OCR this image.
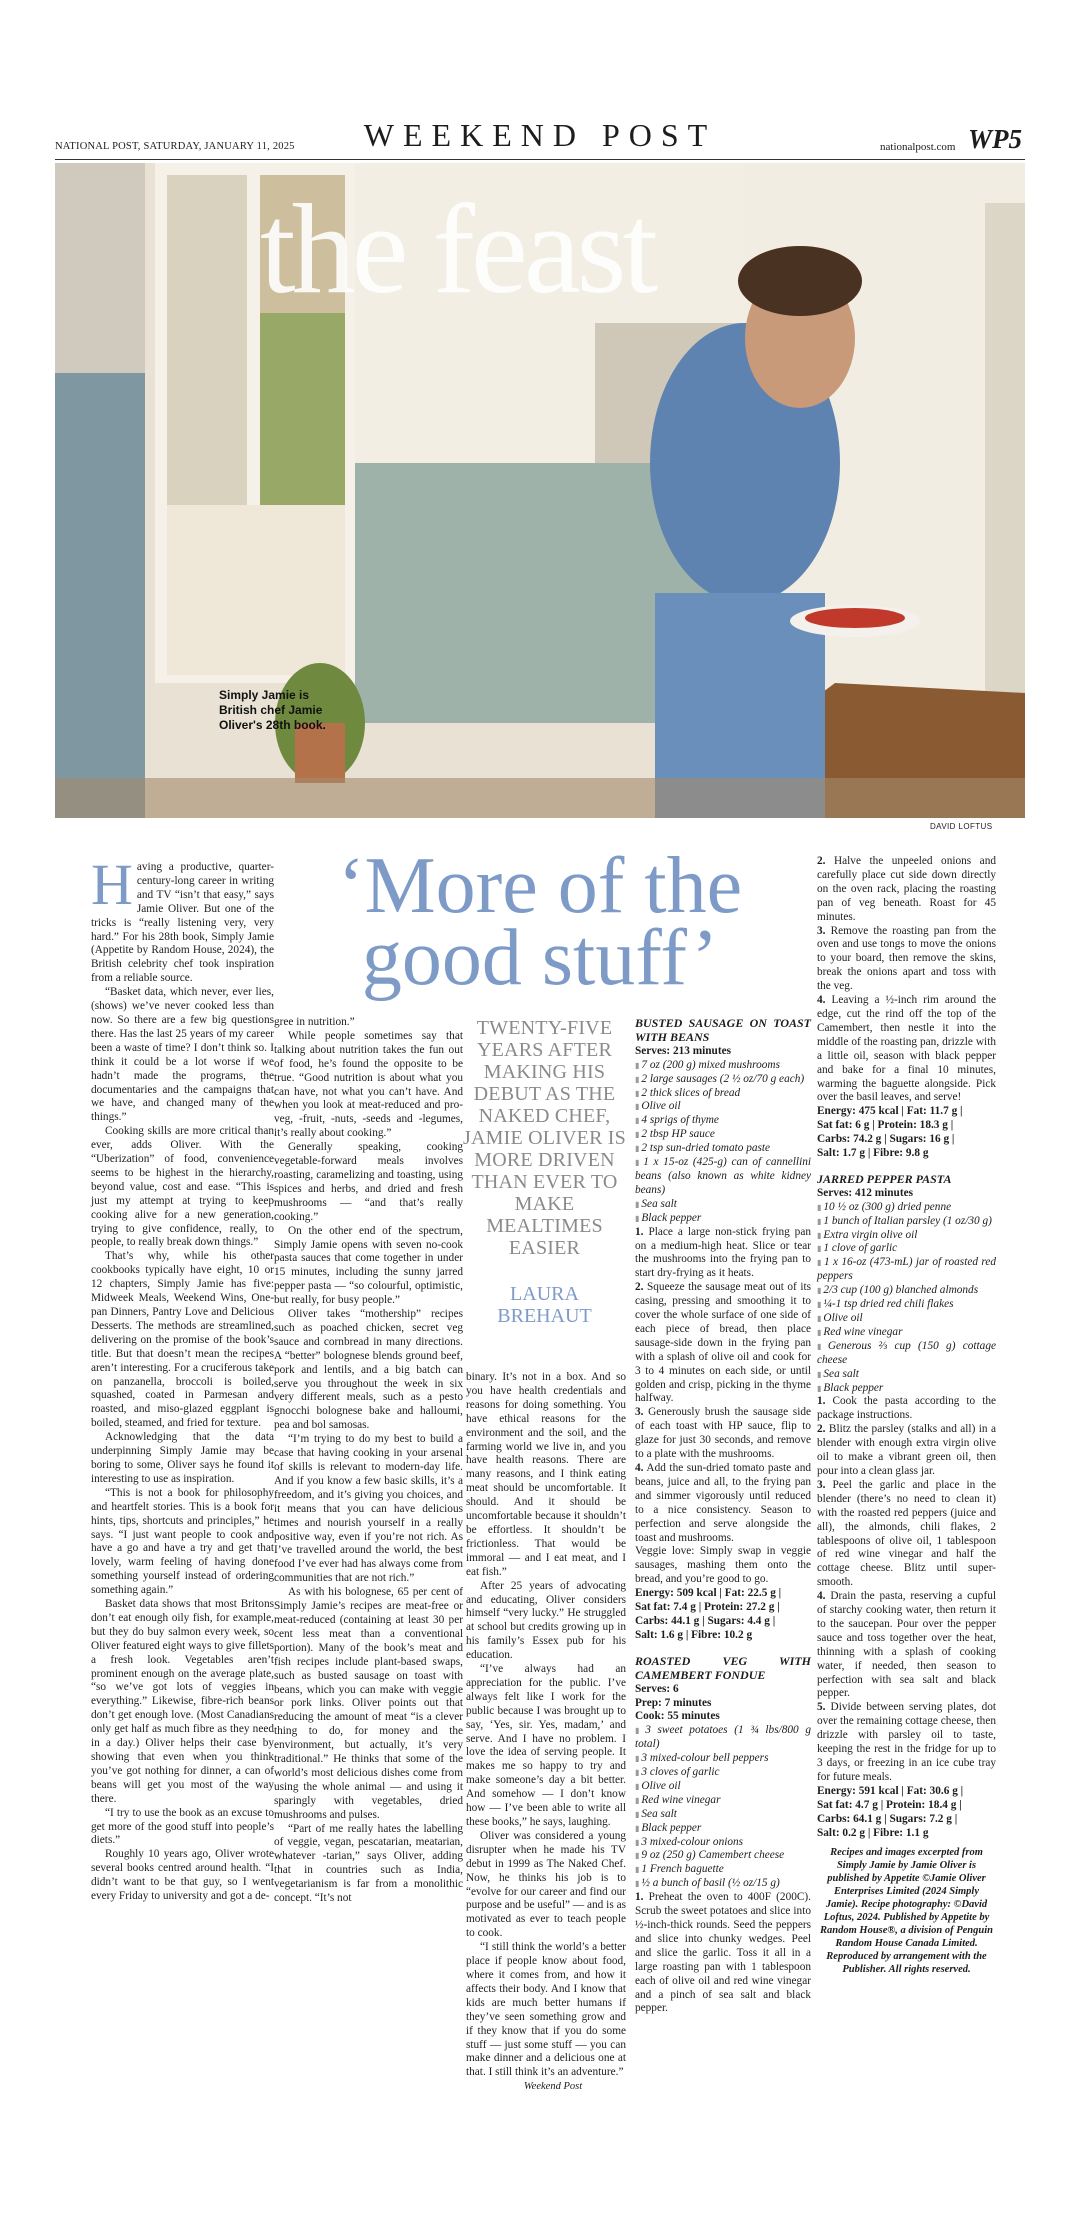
NATIONAL POST, SATURDAY, JANUARY 11, 2025	WEEKEND POST	nationalpost.com WP5
the feast
Simply Jamie is British chef Jamie Oliver's 28th book.
DAVID LOFTUS
‘More of the good stuff’
TWENTY-FIVE YEARS AFTER MAKING HIS DEBUT AS THE NAKED CHEF, JAMIE OLIVER IS MORE DRIVEN THAN EVER TO MAKE MEALTIMES EASIER
LAURA BREHAUT

Having a productive, quarter-century-long career in writing and TV “isn’t that easy,” says Jamie Oliver. But one of the tricks is “really listening very, very hard.” For his 28th book, Simply Jamie (Appetite by Random House, 2024), the British celebrity chef took inspiration from a reliable source.

“Basket data, which never, ever lies, (shows) we’ve never cooked less than now. So there are a few big questions there. Has the last 25 years of my career been a waste of time? I don’t think so. I think it could be a lot worse if we hadn’t made the programs, the documentaries and the campaigns that we have, and changed many of the things.”

Cooking skills are more critical than ever, adds Oliver. With the “Uberization” of food, convenience seems to be highest in the hierarchy, beyond value, cost and ease. “This is just my attempt at trying to keep cooking alive for a new generation, trying to give confidence, really, to people, to really break down things.”

That’s why, while his other cookbooks typically have eight, 10 or 12 chapters, Simply Jamie has five: Midweek Meals, Weekend Wins, One-pan Dinners, Pantry Love and Delicious Desserts. The methods are streamlined, delivering on the promise of the book’s title. But that doesn’t mean the recipes aren’t interesting. For a cruciferous take on panzanella, broccoli is boiled, squashed, coated in Parmesan and roasted, and miso-glazed eggplant is boiled, steamed, and fried for texture.

Acknowledging that the data underpinning Simply Jamie may be boring to some, Oliver says he found it interesting to use as inspiration.

“This is not a book for philosophy and heartfelt stories. This is a book for hints, tips, shortcuts and principles,” he says. “I just want people to cook and have a go and have a try and get that lovely, warm feeling of having done something yourself instead of ordering something again.”

Basket data shows that most Britons don’t eat enough oily fish, for example, but they do buy salmon every week, so Oliver featured eight ways to give fillets a fresh look. Vegetables aren’t prominent enough on the average plate, “so we’ve got lots of veggies in everything.” Likewise, fibre-rich beans don’t get enough love. (Most Canadians only get half as much fibre as they need in a day.) Oliver helps their case by showing that even when you think you’ve got nothing for dinner, a can of beans will get you most of the way there.

“I try to use the book as an excuse to get more of the good stuff into people’s diets.”

Roughly 10 years ago, Oliver wrote several books centred around health. “I didn’t want to be that guy, so I went every Friday to university and got a de-

gree in nutrition.”

While people sometimes say that talking about nutrition takes the fun out of food, he’s found the opposite to be true. “Good nutrition is about what you can have, not what you can’t have. And when you look at meat-reduced and pro-veg, -fruit, -nuts, -seeds and -legumes, it’s really about cooking.”

Generally speaking, cooking vegetable-forward meals involves roasting, caramelizing and toasting, using spices and herbs, and dried and fresh mushrooms — “and that’s really cooking.”

On the other end of the spectrum, Simply Jamie opens with seven no-cook pasta sauces that come together in under 15 minutes, including the sunny jarred pepper pasta — “so colourful, optimistic, but really, for busy people.”

Oliver takes “mothership” recipes such as poached chicken, secret veg sauce and cornbread in many directions. A “better” bolognese blends ground beef, pork and lentils, and a big batch can serve you throughout the week in six very different meals, such as a pesto gnocchi bolognese bake and halloumi, pea and bol samosas.

“I’m trying to do my best to build a case that having cooking in your arsenal of skills is relevant to modern-day life. And if you know a few basic skills, it’s a freedom, and it’s giving you choices, and it means that you can have delicious times and nourish yourself in a really positive way, even if you’re not rich. As I’ve travelled around the world, the best food I’ve ever had has always come from communities that are not rich.”

As with his bolognese, 65 per cent of Simply Jamie’s recipes are meat-free or meat-reduced (containing at least 30 per cent less meat than a conventional portion). Many of the book’s meat and fish recipes include plant-based swaps, such as busted sausage on toast with beans, which you can make with veggie or pork links. Oliver points out that reducing the amount of meat “is a clever thing to do, for money and the environment, but actually, it’s very traditional.” He thinks that some of the world’s most delicious dishes come from using the whole animal — and using it sparingly with vegetables, dried mushrooms and pulses.

“Part of me really hates the labelling of veggie, vegan, pescatarian, meatarian, whatever -tarian,” says Oliver, adding that in countries such as India, vegetarianism is far from a monolithic concept. “It’s not

binary. It’s not in a box. And so you have health credentials and reasons for doing something. You have ethical reasons for the environment and the soil, and the farming world we live in, and you have health reasons. There are many reasons, and I think eating meat should be uncomfortable. It should. And it should be uncomfortable because it shouldn’t be effortless. It shouldn’t be frictionless. That would be immoral — and I eat meat, and I eat fish.”

After 25 years of advocating and educating, Oliver considers himself “very lucky.” He struggled at school but credits growing up in his family’s Essex pub for his education.

“I’ve always had an appreciation for the public. I’ve always felt like I work for the public because I was brought up to say, ‘Yes, sir. Yes, madam,’ and serve. And I have no problem. I love the idea of serving people. It makes me so happy to try and make someone’s day a bit better. And somehow — I don’t know how — I’ve been able to write all these books,” he says, laughing.

Oliver was considered a young disrupter when he made his TV debut in 1999 as The Naked Chef. Now, he thinks his job is to “evolve for our career and find our purpose and be useful” — and is as motivated as ever to teach people to cook.

“I still think the world’s a better place if people know about food, where it comes from, and how it affects their body. And I know that kids are much better humans if they’ve seen something grow and if they know that if you do some stuff — just some stuff — you can make dinner and a delicious one at that. I still think it’s an adventure.”

Weekend Post

BUSTED SAUSAGE ON TOAST WITH BEANS

Serves: 213 minutes

▮ 7 oz (200 g) mixed mushrooms

▮ 2 large sausages (2 ½ oz/70 g each)

▮ 2 thick slices of bread

▮ Olive oil

▮ 4 sprigs of thyme

▮ 2 tbsp HP sauce

▮ 2 tsp sun-dried tomato paste

▮ 1 x 15-oz (425-g) can of cannellini beans (also known as white kidney beans)

▮ Sea salt

▮ Black pepper

1. Place a large non-stick frying pan on a medium-high heat. Slice or tear the mushrooms into the frying pan to start dry-frying as it heats.

2. Squeeze the sausage meat out of its casing, pressing and smoothing it to cover the whole surface of one side of each piece of bread, then place sausage-side down in the frying pan with a splash of olive oil and cook for 3 to 4 minutes on each side, or until golden and crisp, picking in the thyme halfway.

3. Generously brush the sausage side of each toast with HP sauce, flip to glaze for just 30 seconds, and remove to a plate with the mushrooms.

4. Add the sun-dried tomato paste and beans, juice and all, to the frying pan and simmer vigorously until reduced to a nice consistency. Season to perfection and serve alongside the toast and mushrooms.

Veggie love: Simply swap in veggie sausages, mashing them onto the bread, and you’re good to go.

Energy: 509 kcal | Fat: 22.5 g |

Sat fat: 7.4 g | Protein: 27.2 g |

Carbs: 44.1 g | Sugars: 4.4 g |

Salt: 1.6 g | Fibre: 10.2 g

ROASTED VEG WITH CAMEMBERT FONDUE

Serves: 6

Prep: 7 minutes

Cook: 55 minutes

▮ 3 sweet potatoes (1 ¾ lbs/800 g total)

▮ 3 mixed-colour bell peppers

▮ 3 cloves of garlic

▮ Olive oil

▮ Red wine vinegar

▮ Sea salt

▮ Black pepper

▮ 3 mixed-colour onions

▮ 9 oz (250 g) Camembert cheese

▮ 1 French baguette

▮ ½ a bunch of basil (½ oz/15 g)

1. Preheat the oven to 400F (200C). Scrub the sweet potatoes and slice into ½-inch-thick rounds. Seed the peppers and slice into chunky wedges. Peel and slice the garlic. Toss it all in a large roasting pan with 1 tablespoon each of olive oil and red wine vinegar and a pinch of sea salt and black pepper.

2. Halve the unpeeled onions and carefully place cut side down directly on the oven rack, placing the roasting pan of veg beneath. Roast for 45 minutes.

3. Remove the roasting pan from the oven and use tongs to move the onions to your board, then remove the skins, break the onions apart and toss with the veg.

4. Leaving a ½-inch rim around the edge, cut the rind off the top of the Camembert, then nestle it into the middle of the roasting pan, drizzle with a little oil, season with black pepper and bake for a final 10 minutes, warming the baguette alongside. Pick over the basil leaves, and serve!

Energy: 475 kcal | Fat: 11.7 g |

Sat fat: 6 g | Protein: 18.3 g |

Carbs: 74.2 g | Sugars: 16 g |

Salt: 1.7 g | Fibre: 9.8 g

JARRED PEPPER PASTA

Serves: 412 minutes

▮ 10 ½ oz (300 g) dried penne

▮ 1 bunch of Italian parsley (1 oz/30 g)

▮ Extra virgin olive oil

▮ 1 clove of garlic

▮ 1 x 16-oz (473-mL) jar of roasted red peppers

▮ 2/3 cup (100 g) blanched almonds

▮ ¼-1 tsp dried red chili flakes

▮ Olive oil

▮ Red wine vinegar

▮ Generous ⅔ cup (150 g) cottage cheese

▮ Sea salt

▮ Black pepper

1. Cook the pasta according to the package instructions.

2. Blitz the parsley (stalks and all) in a blender with enough extra virgin olive oil to make a vibrant green oil, then pour into a clean glass jar.

3. Peel the garlic and place in the blender (there’s no need to clean it) with the roasted red peppers (juice and all), the almonds, chili flakes, 2 tablespoons of olive oil, 1 tablespoon of red wine vinegar and half the cottage cheese. Blitz until super-smooth.

4. Drain the pasta, reserving a cupful of starchy cooking water, then return it to the saucepan. Pour over the pepper sauce and toss together over the heat, thinning with a splash of cooking water, if needed, then season to perfection with sea salt and black pepper.

5. Divide between serving plates, dot over the remaining cottage cheese, then drizzle with parsley oil to taste, keeping the rest in the fridge for up to 3 days, or freezing in an ice cube tray for future meals.

Energy: 591 kcal | Fat: 30.6 g |

Sat fat: 4.7 g | Protein: 18.4 g |

Carbs: 64.1 g | Sugars: 7.2 g |

Salt: 0.2 g | Fibre: 1.1 g

Recipes and images excerpted from Simply Jamie by Jamie Oliver is published by Appetite ©Jamie Oliver Enterprises Limited (2024 Simply Jamie). Recipe photography: ©David Loftus, 2024. Published by Appetite by Random House®, a division of Penguin Random House Canada Limited. Reproduced by arrangement with the Publisher. All rights reserved.
